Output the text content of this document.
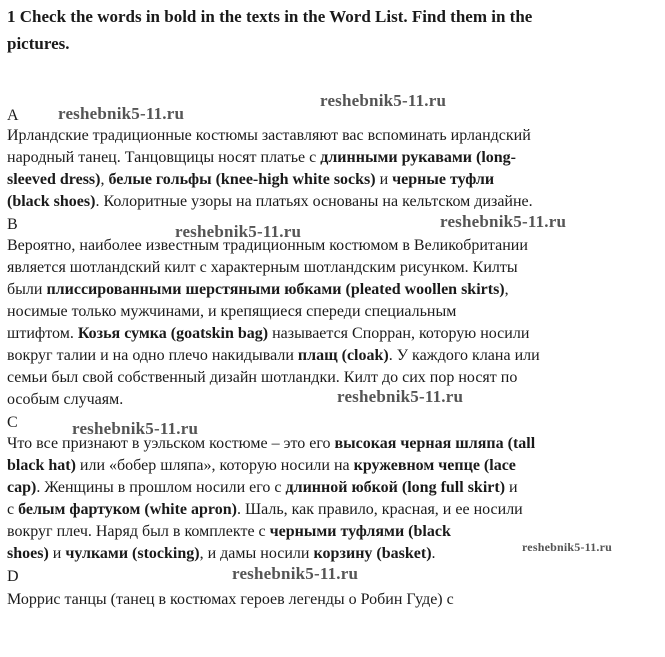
1 Check the words in bold in the texts in the Word List. Find them in the
pictures.
A
Ирландские традиционные костюмы заставляют вас вспоминать ирландский
народный танец. Танцовщицы носят платье с длинными рукавами (long-
sleeved dress), белые гольфы (knee-high white socks) и черные туфли
(black shoes). Колоритные узоры на платьях основаны на кельтском дизайне.
B
Вероятно, наиболее известным традиционным костюмом в Великобритании
является шотландский килт с характерным шотландским рисунком. Килты
были плиссированными шерстяными юбками (pleated woollen skirts),
носимые только мужчинами, и крепящиеся спереди специальным
штифтом. Козья сумка (goatskin bag) называется Спорран, которую носили
вокруг талии и на одно плечо накидывали плащ (cloak). У каждого клана или
семьи был свой собственный дизайн шотландки. Килт до сих пор носят по
особым случаям.
C
Что все признают в уэльском костюме – это его высокая черная шляпа (tall
black hat) или «бобер шляпа», которую носили на кружевном чепце (lace
cap). Женщины в прошлом носили его с длинной юбкой (long full skirt) и
с белым фартуком (white apron). Шаль, как правило, красная, и ее носили
вокруг плеч. Наряд был в комплекте с черными туфлями (black
shoes) и чулками (stocking), и дамы носили корзину (basket).
D
Моррис танцы (танец в костюмах героев легенды о Робин Гуде) с
reshebnik5-11.ru
reshebnik5-11.ru
reshebnik5-11.ru
reshebnik5-11.ru
reshebnik5-11.ru
reshebnik5-11.ru
reshebnik5-11.ru
reshebnik5-11.ru
